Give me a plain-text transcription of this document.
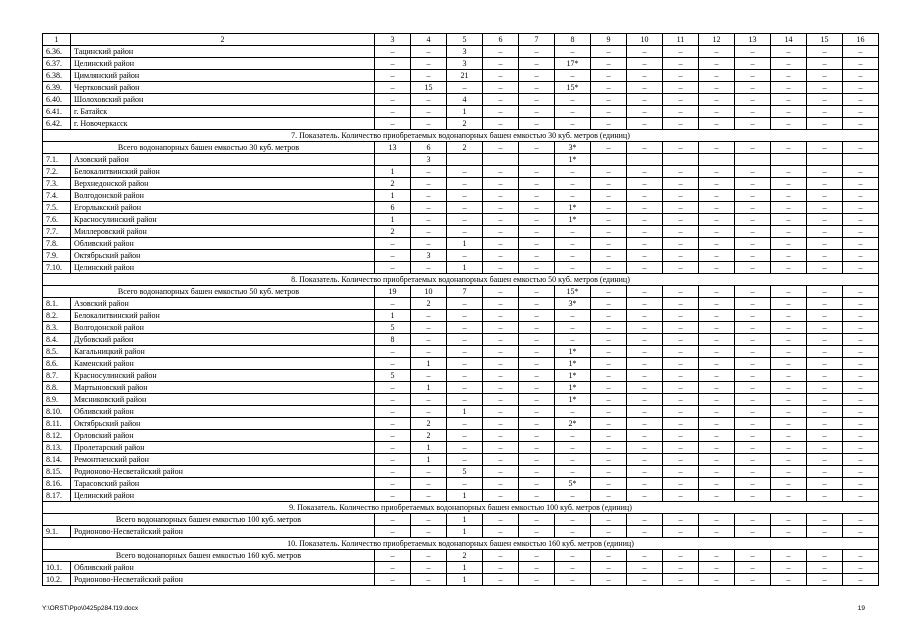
1	2	3	4	5	6	7	8	9	10	11	12	13	14	15	16
6.36.	Тацинский район	–	–	3	–	–	–	–	–	–	–	–	–	–	–
6.37.	Целинский район	–	–	3	–	–	17*	–	–	–	–	–	–	–	–
6.38.	Цимлянский район	–	–	21	–	–	–	–	–	–	–	–	–	–	–
6.39.	Чертковский район	–	15	–	–	–	15*	–	–	–	–	–	–	–	–
6.40.	Шолоховский район	–	–	4	–	–	–	–	–	–	–	–	–	–	–
6.41.	г. Батайск	–	–	1	–	–	–	–	–	–	–	–	–	–	–
6.42.	г. Новочеркасск	–	–	2	–	–	–	–	–	–	–	–	–	–	–
7. Показатель. Количество приобретаемых водонапорных башен емкостью 30 куб. метров (единиц)															
Всего водонапорных башен емкостью 30 куб. метров		13	6	2	–	–	3*	–	–	–	–	–	–	–	–
7.1.	Азовский район		3				1*								
7.2.	Белокалитвинский район	1	–	–	–	–	–	–	–	–	–	–	–	–	–
7.3.	Верхнедонской район	2	–	–	–	–	–	–	–	–	–	–	–	–	–
7.4.	Волгодонской район	1	–	–	–	–	–	–	–	–	–	–	–	–	–
7.5.	Егорлыкский район	6	–	–	–	–	1*	–	–	–	–	–	–	–	–
7.6.	Красносулинский район	1	–	–	–	–	1*	–	–	–	–	–	–	–	–
7.7.	Миллеровский район	2	–	–	–	–	–	–	–	–	–	–	–	–	–
7.8.	Обливский район	–	–	1	–	–	–	–	–	–	–	–	–	–	–
7.9.	Октябрьский район	–	3	–	–	–	–	–	–	–	–	–	–	–	–
7.10.	Целинский район	–	–	1	–	–	–	–	–	–	–	–	–	–	–
8. Показатель. Количество приобретаемых водонапорных башен емкостью 50 куб. метров (единиц)															
Всего водонапорных башен емкостью 50 куб. метров		19	10	7	–	–	15*	–	–	–	–	–	–	–	–
8.1.	Азовский район	–	2	–	–	–	3*	–	–	–	–	–	–	–	–
8.2.	Белокалитвинский район	1	–	–	–	–	–	–	–	–	–	–	–	–	–
8.3.	Волгодонской район	5	–	–	–	–	–	–	–	–	–	–	–	–	–
8.4.	Дубовский район	8	–	–	–	–	–	–	–	–	–	–	–	–	–
8.5.	Кагальницкий район	–	–	–	–	–	1*	–	–	–	–	–	–	–	–
8.6.	Каменский район	–	1	–	–	–	1*	–	–	–	–	–	–	–	–
8.7.	Красносулинский район	5	–	–	–	–	1*	–	–	–	–	–	–	–	–
8.8.	Мартыновский район	–	1	–	–	–	1*	–	–	–	–	–	–	–	–
8.9.	Мясниковский район	–	–	–	–	–	1*	–	–	–	–	–	–	–	–
8.10.	Обливский район	–	–	1	–	–	–	–	–	–	–	–	–	–	–
8.11.	Октябрьский район	–	2	–	–	–	2*	–	–	–	–	–	–	–	–
8.12.	Орловский район	–	2	–	–	–	–	–	–	–	–	–	–	–	–
8.13.	Пролетарский район	–	1	–	–	–	–	–	–	–	–	–	–	–	–
8.14.	Ремонтненский район	–	1	–	–	–	–	–	–	–	–	–	–	–	–
8.15.	Родионово-Несветайский район	–	–	5	–	–	–	–	–	–	–	–	–	–	–
8.16.	Тарасовский район	–	–	–	–	–	5*	–	–	–	–	–	–	–	–
8.17.	Целинский район	–	–	1	–	–	–	–	–	–	–	–	–	–	–
9. Показатель. Количество приобретаемых водонапорных башен емкостью 100 куб. метров (единиц)															
Всего водонапорных башен емкостью 100 куб. метров		–	–	1	–	–	–	–	–	–	–	–	–	–	–
9.1.	Родионово-Несветайский район	–	–	1	–	–	–	–	–	–	–	–	–	–	–
10. Показатель. Количество приобретаемых водонапорных башен емкостью 160 куб. метров (единиц)															
Всего водонапорных башен емкостью 160 куб. метров		–	–	2	–	–	–	–	–	–	–	–	–	–	–
10.1.	Обливский район	–	–	1	–	–	–	–	–	–	–	–	–	–	–
10.2.	Родионово-Несветайский район	–	–	1	–	–	–	–	–	–	–	–	–	–	–
Y:\ORST\Ppo\0425p284.f19.docx	19
